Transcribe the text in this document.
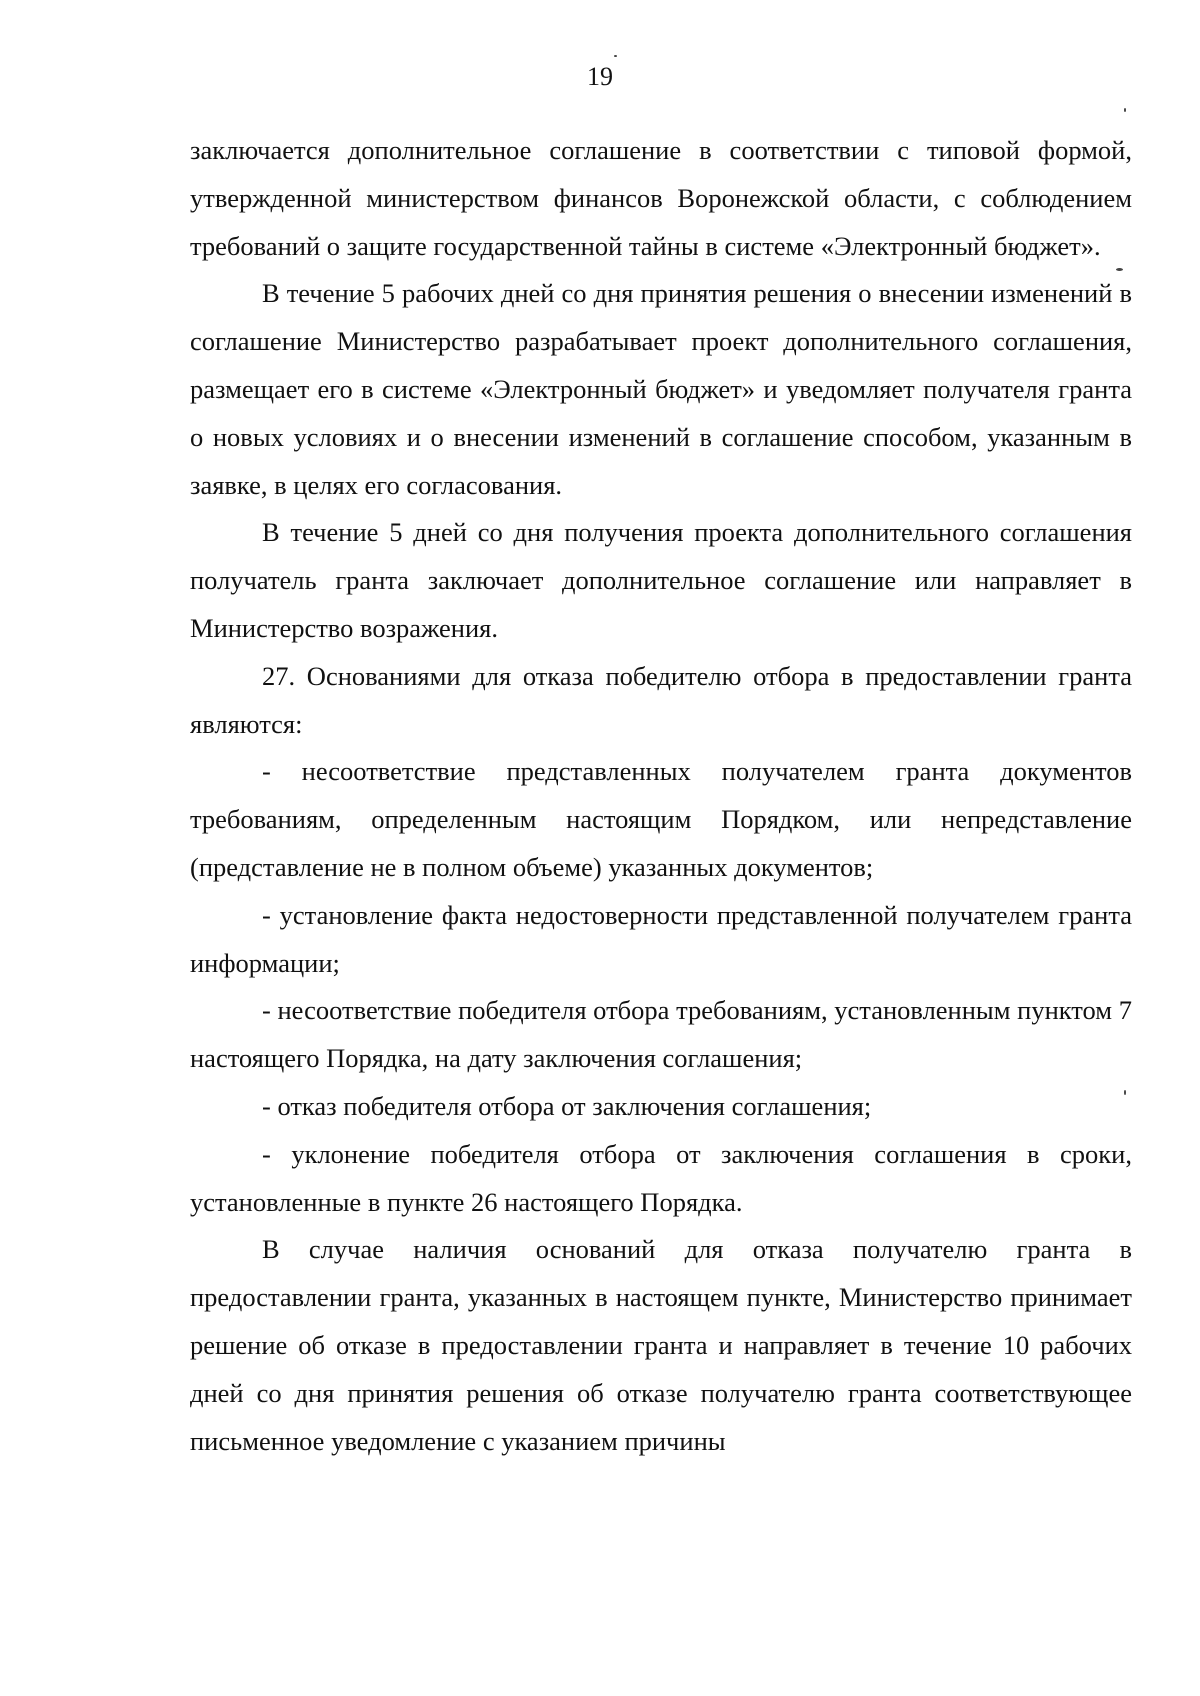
19

заключается дополнительное соглашение в соответствии с типовой формой, утвержденной министерством финансов Воронежской области, с соблюдением требований о защите государственной тайны в системе «Электронный бюджет».

В течение 5 рабочих дней со дня принятия решения о внесении изменений в соглашение Министерство разрабатывает проект дополнительного соглашения, размещает его в системе «Электронный бюджет» и уведомляет получателя гранта о новых условиях и о внесении изменений в соглашение способом, указанным в заявке, в целях его согласования.

В течение 5 дней со дня получения проекта дополнительного соглашения получатель гранта заключает дополнительное соглашение или направляет в Министерство возражения.

27. Основаниями для отказа победителю отбора в предоставлении гранта являются:

- несоответствие представленных получателем гранта документов требованиям, определенным настоящим Порядком, или непредставление (представление не в полном объеме) указанных документов;

- установление факта недостоверности представленной получателем гранта информации;

- несоответствие победителя отбора требованиям, установленным пунктом 7 настоящего Порядка, на дату заключения соглашения;

- отказ победителя отбора от заключения соглашения;

- уклонение победителя отбора от заключения соглашения в сроки, установленные в пункте 26 настоящего Порядка.

В случае наличия оснований для отказа получателю гранта в предоставлении гранта, указанных в настоящем пункте, Министерство принимает решение об отказе в предоставлении гранта и направляет в течение 10 рабочих дней со дня принятия решения об отказе получателю гранта соответствующее письменное уведомление с указанием причины
